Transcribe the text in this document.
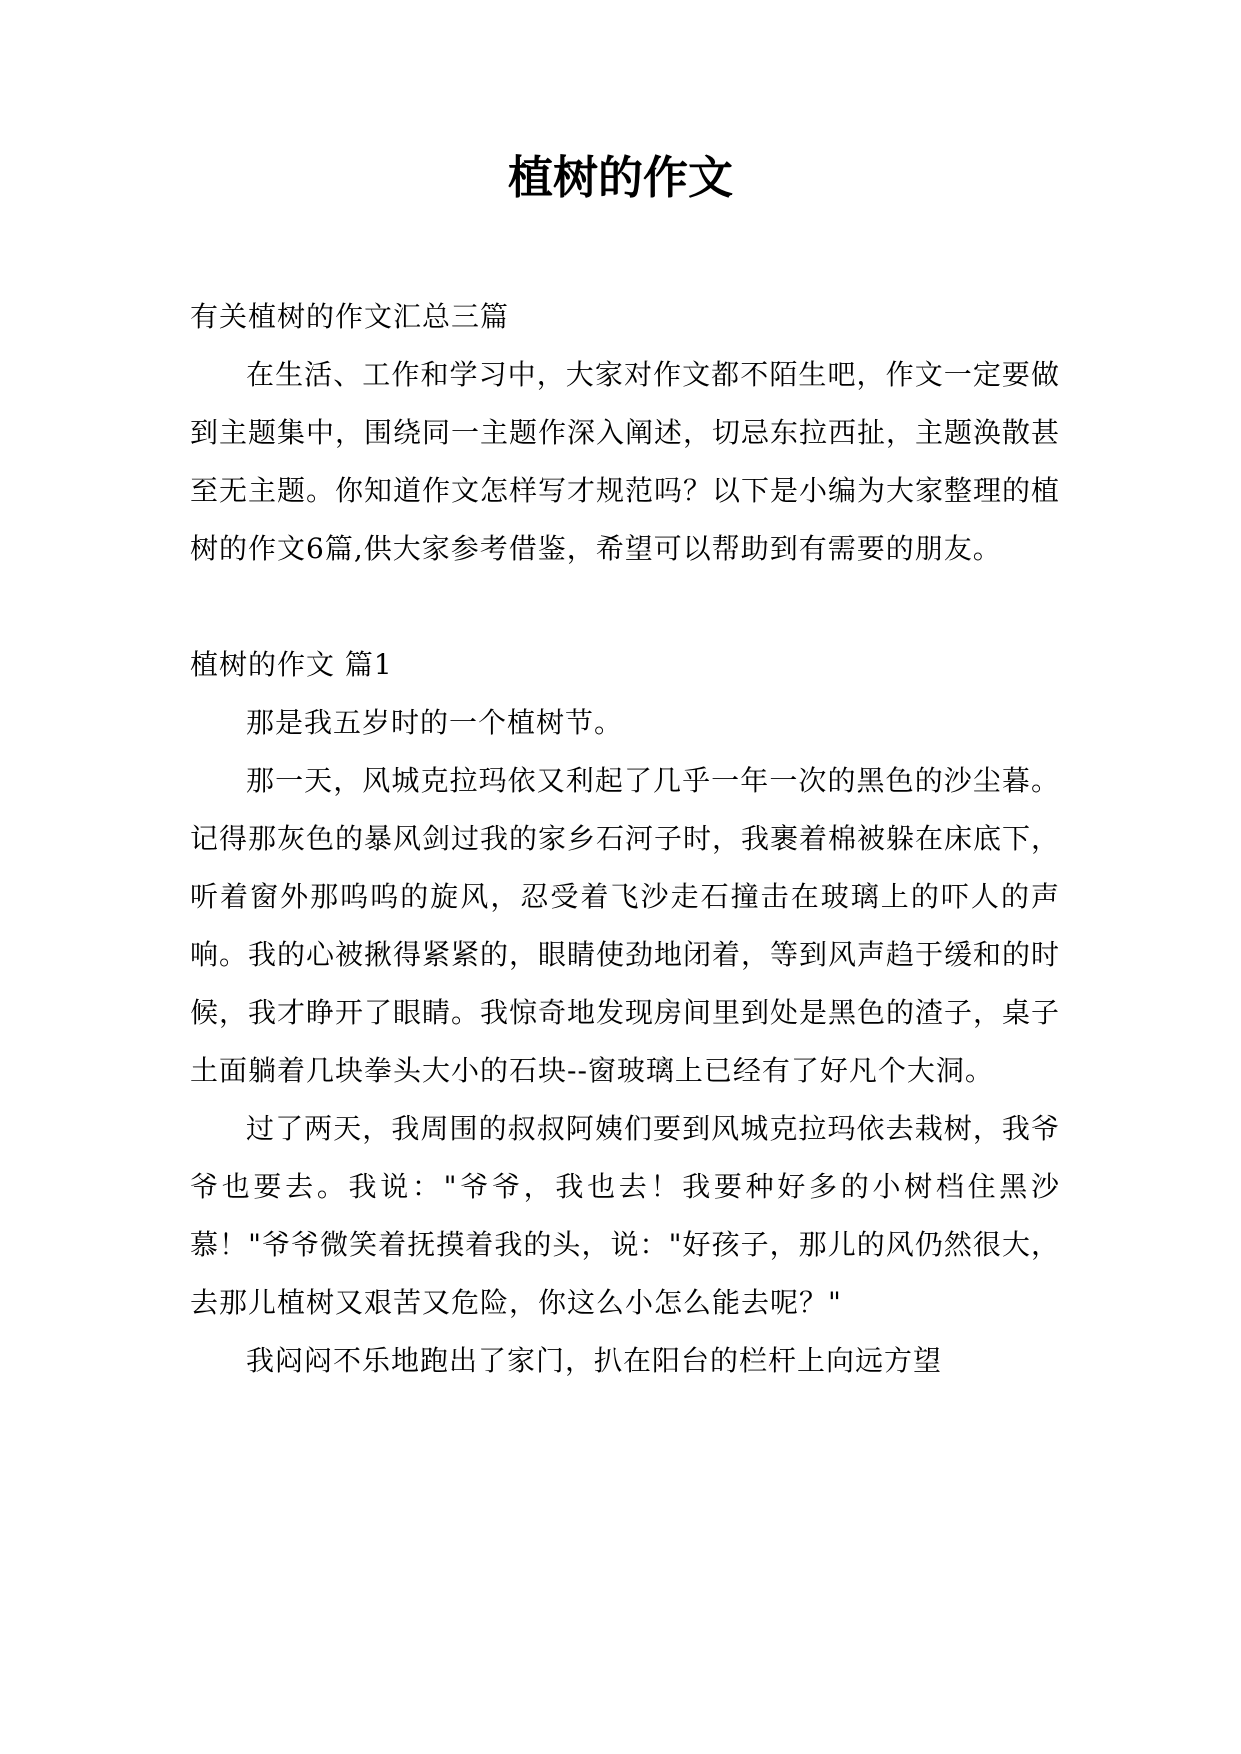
植树的作文

有关植树的作文汇总三篇

在生活、工作和学习中，大家对作文都不陌生吧，作文一定要做到主题集中，围绕同一主题作深入阐述，切忌东拉西扯，主题涣散甚至无主题。你知道作文怎样写才规范吗？以下是小编为大家整理的植树的作文6篇,供大家参考借鉴，希望可以帮助到有需要的朋友。

植树的作文 篇1

那是我五岁时的一个植树节。

那一天，风城克拉玛依又利起了几乎一年一次的黑色的沙尘暮。记得那灰色的暴风剑过我的家乡石河子时，我裹着棉被躲在床底下，听着窗外那呜呜的旋风，忍受着飞沙走石撞击在玻璃上的吓人的声响。我的心被揪得紧紧的，眼睛使劲地闭着，等到风声趋于缓和的时候，我才睁开了眼睛。我惊奇地发现房间里到处是黑色的渣子，桌子土面躺着几块拳头大小的石块--窗玻璃上已经有了好凡个大洞。

过了两天，我周围的叔叔阿姨们要到风城克拉玛依去栽树，我爷爷也要去。我说："爷爷，我也去！我要种好多的小树档住黑沙慕！"爷爷微笑着抚摸着我的头，说："好孩子，那儿的风仍然很大，去那儿植树又艰苦又危险，你这么小怎么能去呢？"

我闷闷不乐地跑出了家门，扒在阳台的栏杆上向远方望
